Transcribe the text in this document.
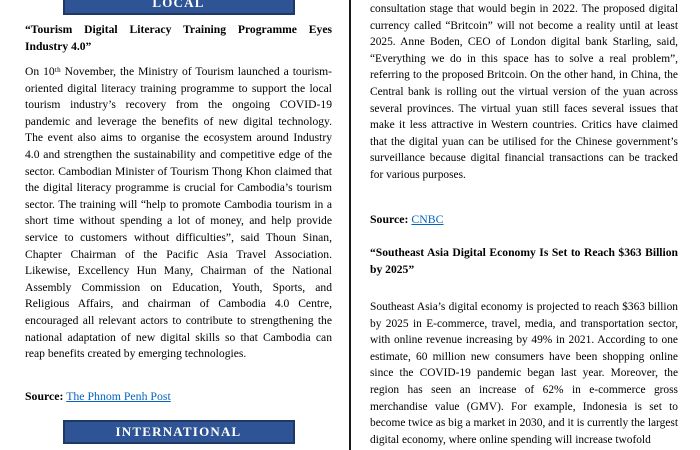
LOCAL
“Tourism Digital Literacy Training Programme Eyes Industry 4.0”

On 10ᵗʰ November, the Ministry of Tourism launched a tourism-oriented digital literacy training programme to support the local tourism industry’s recovery from the ongoing COVID-19 pandemic and leverage the benefits of new digital technology. The event also aims to organise the ecosystem around Industry 4.0 and strengthen the sustainability and competitive edge of the sector. Cambodian Minister of Tourism Thong Khon claimed that the digital literacy programme is crucial for Cambodia’s tourism sector. The training will “help to promote Cambodia tourism in a short time without spending a lot of money, and help provide service to customers without difficulties”, said Thoun Sinan, Chapter Chairman of the Pacific Asia Travel Association. Likewise, Excellency Hun Many, Chairman of the National Assembly Commission on Education, Youth, Sports, and Religious Affairs, and chairman of Cambodia 4.0 Centre, encouraged all relevant actors to contribute to strengthening the national adaptation of new digital skills so that Cambodia can reap benefits created by emerging technologies.

Source: The Phnom Penh Post

INTERNATIONAL

consultation stage that would begin in 2022. The proposed digital currency called “Britcoin” will not become a reality until at least 2025. Anne Boden, CEO of London digital bank Starling, said, “Everything we do in this space has to solve a real problem”, referring to the proposed Britcoin. On the other hand, in China, the Central bank is rolling out the virtual version of the yuan across several provinces. The virtual yuan still faces several issues that make it less attractive in Western countries. Critics have claimed that the digital yuan can be utilised for the Chinese government’s surveillance because digital financial transactions can be tracked for various purposes.

Source: CNBC

“Southeast Asia Digital Economy Is Set to Reach $363 Billion by 2025”

Southeast Asia’s digital economy is projected to reach $363 billion by 2025 in E-commerce, travel, media, and transportation sector, with online revenue increasing by 49% in 2021. According to one estimate, 60 million new consumers have been shopping online since the COVID-19 pandemic began last year. Moreover, the region has seen an increase of 62% in e-commerce gross merchandise value (GMV). For example, Indonesia is set to become twice as big a market in 2030, and it is currently the largest digital economy, where online spending will increase twofold
